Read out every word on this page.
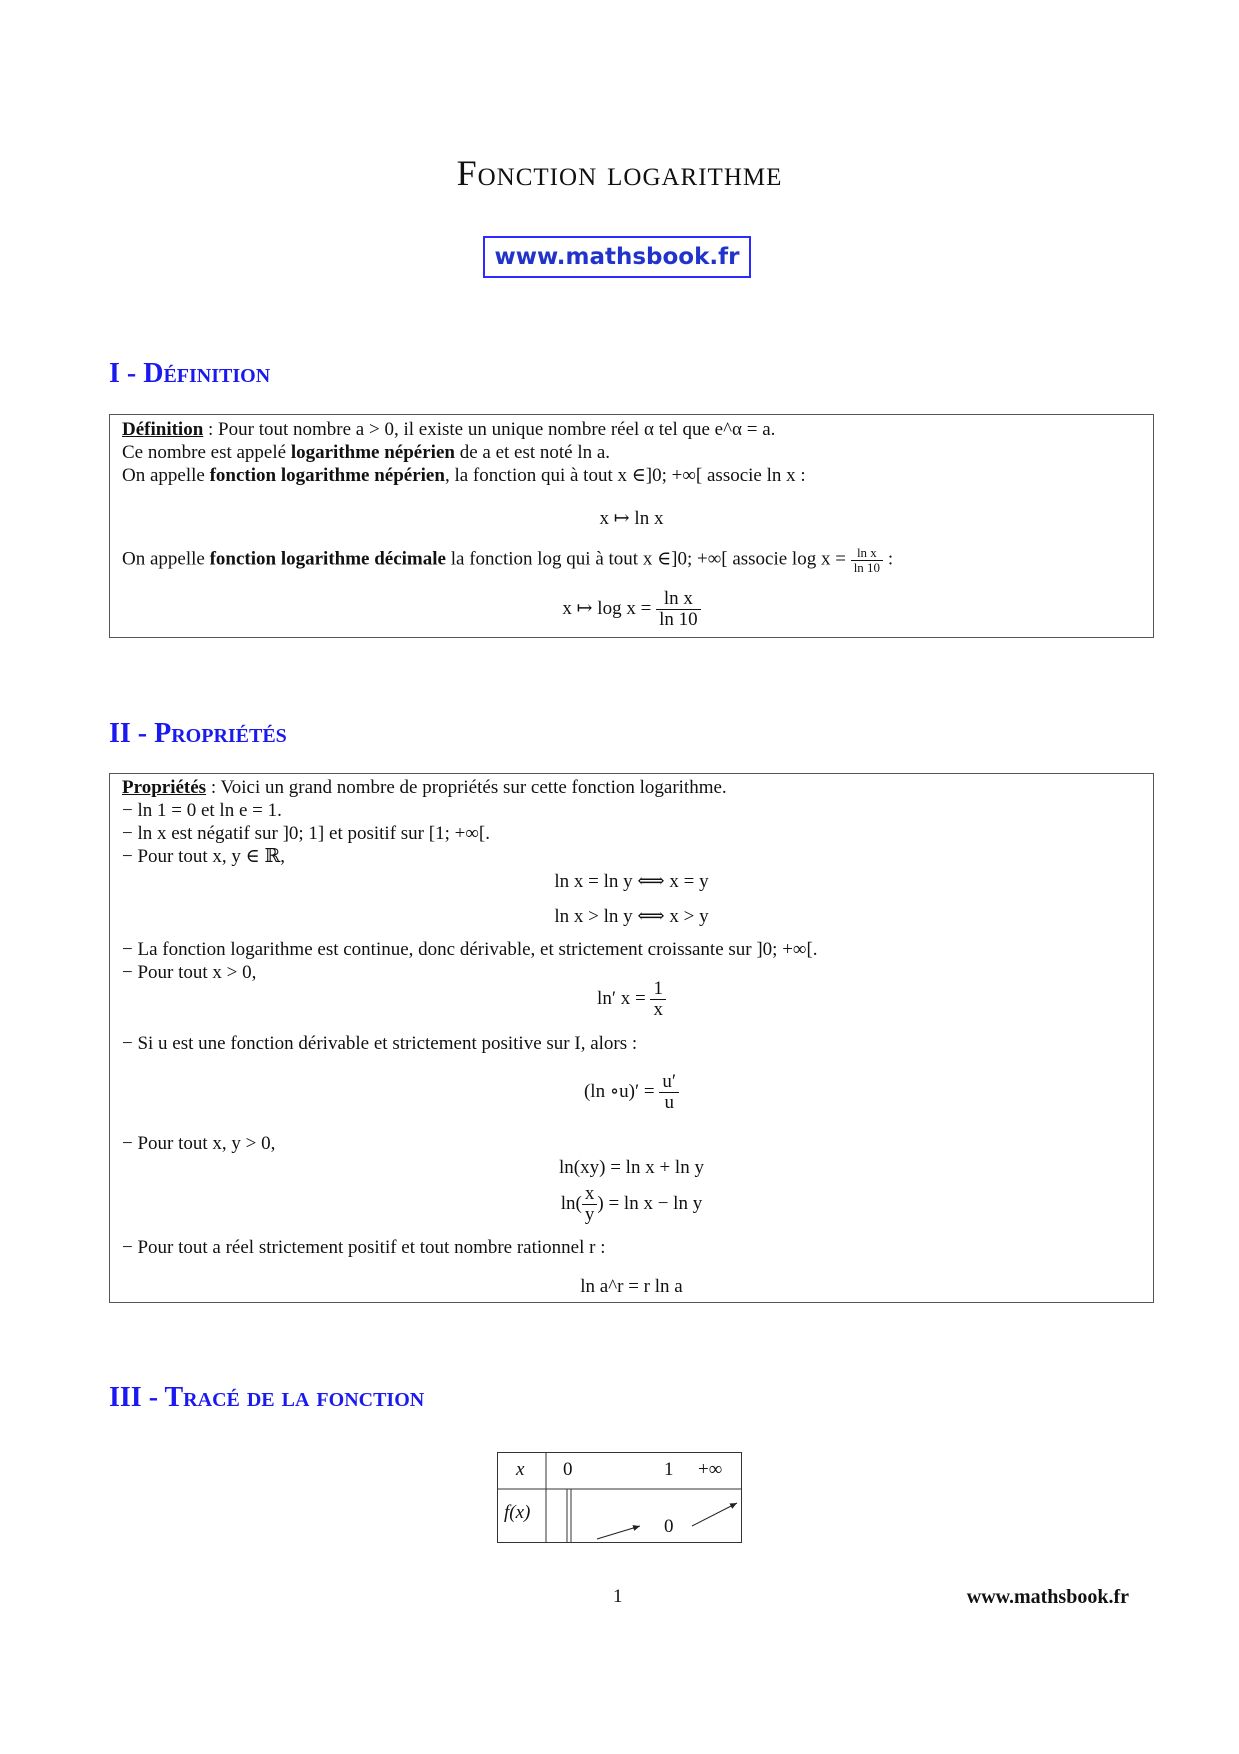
Fonction logarithme
www.mathsbook.fr
I - Définition
Définition : Pour tout nombre a > 0, il existe un unique nombre réel α tel que e^α = a.
Ce nombre est appelé logarithme népérien de a et est noté ln a.
On appelle fonction logarithme népérien, la fonction qui à tout x ∈]0; +∞[ associe ln x :
x ↦ ln x
On appelle fonction logarithme décimale la fonction log qui à tout x ∈]0; +∞[ associe $\log x = \frac{\text{ln x}}{\ln 10}$ :
x ↦ $\log x = \frac{\text{ln x}}{\ln 10}$
II - Propriétés
Propriétés : Voici un grand nombre de propriétés sur cette fonction logarithme.
− ln 1 = 0 et ln e = 1.
− ln x est négatif sur ]0; 1] et positif sur [1; +∞[.
− Pour tout x, y ∈ ℝ,
ln x = ln y ⟺ x = y
ln x > ln y ⟺ x > y
− La fonction logarithme est continue, donc dérivable, et strictement croissante sur ]0; +∞[.
− Pour tout x > 0,
ln′ $x = \frac{1}{x}$
− Si u est une fonction dérivable et strictement positive sur I, alors :
(ln ∘u)′ = $\frac{u'}{u}$
− Pour tout x, y > 0,
ln(xy) = ln x + ln y
$\ln( \frac{x}{y}$ ) = ln x − ln y
− Pour tout a réel strictement positif et tout nombre rationnel r :
ln a^r = r ln a
III - Tracé de la fonction
x
f(x)
0	1 +∞
0
1	www.mathsbook.fr
